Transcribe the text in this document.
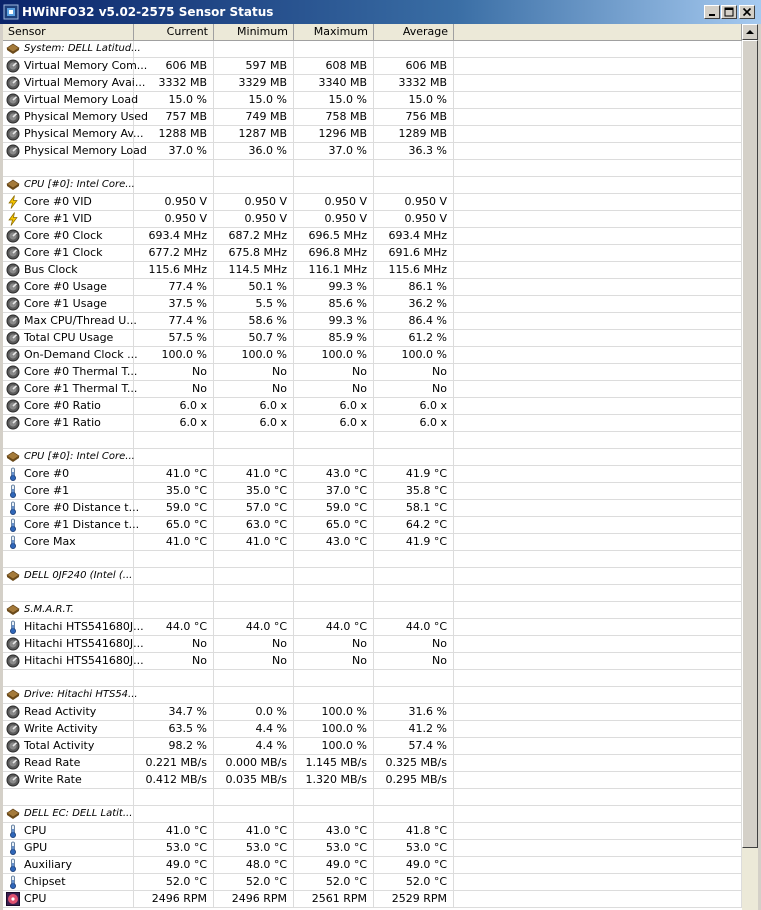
HWiNFO32 v5.02-2575 Sensor Status
Sensor	Current	Minimum	Maximum	Average
System: DELL Latitud...
Virtual Memory Com...	606 MB	597 MB	608 MB	606 MB
Virtual Memory Avai...	3332 MB	3329 MB	3340 MB	3332 MB
Virtual Memory Load	15.0 %	15.0 %	15.0 %	15.0 %
Physical Memory Used	757 MB	749 MB	758 MB	756 MB
Physical Memory Av...	1288 MB	1287 MB	1296 MB	1289 MB
Physical Memory Load	37.0 %	36.0 %	37.0 %	36.3 %
CPU [#0]: Intel Core...
Core #0 VID	0.950 V	0.950 V	0.950 V	0.950 V
Core #1 VID	0.950 V	0.950 V	0.950 V	0.950 V
Core #0 Clock	693.4 MHz	687.2 MHz	696.5 MHz	693.4 MHz
Core #1 Clock	677.2 MHz	675.8 MHz	696.8 MHz	691.6 MHz
Bus Clock	115.6 MHz	114.5 MHz	116.1 MHz	115.6 MHz
Core #0 Usage	77.4 %	50.1 %	99.3 %	86.1 %
Core #1 Usage	37.5 %	5.5 %	85.6 %	36.2 %
Max CPU/Thread U...	77.4 %	58.6 %	99.3 %	86.4 %
Total CPU Usage	57.5 %	50.7 %	85.9 %	61.2 %
On-Demand Clock ...	100.0 %	100.0 %	100.0 %	100.0 %
Core #0 Thermal T...	No	No	No	No
Core #1 Thermal T...	No	No	No	No
Core #0 Ratio	6.0 x	6.0 x	6.0 x	6.0 x
Core #1 Ratio	6.0 x	6.0 x	6.0 x	6.0 x
CPU [#0]: Intel Core...
Core #0	41.0 °C	41.0 °C	43.0 °C	41.9 °C
Core #1	35.0 °C	35.0 °C	37.0 °C	35.8 °C
Core #0 Distance t...	59.0 °C	57.0 °C	59.0 °C	58.1 °C
Core #1 Distance t...	65.0 °C	63.0 °C	65.0 °C	64.2 °C
Core Max	41.0 °C	41.0 °C	43.0 °C	41.9 °C
DELL 0JF240 (Intel (...
S.M.A.R.T.
Hitachi HTS541680J...	44.0 °C	44.0 °C	44.0 °C	44.0 °C
Hitachi HTS541680J...	No	No	No	No
Hitachi HTS541680J...	No	No	No	No
Drive: Hitachi HTS54...
Read Activity	34.7 %	0.0 %	100.0 %	31.6 %
Write Activity	63.5 %	4.4 %	100.0 %	41.2 %
Total Activity	98.2 %	4.4 %	100.0 %	57.4 %
Read Rate	0.221 MB/s	0.000 MB/s	1.145 MB/s	0.325 MB/s
Write Rate	0.412 MB/s	0.035 MB/s	1.320 MB/s	0.295 MB/s
DELL EC: DELL Latit...
CPU	41.0 °C	41.0 °C	43.0 °C	41.8 °C
GPU	53.0 °C	53.0 °C	53.0 °C	53.0 °C
Auxiliary	49.0 °C	48.0 °C	49.0 °C	49.0 °C
Chipset	52.0 °C	52.0 °C	52.0 °C	52.0 °C
CPU	2496 RPM	2496 RPM	2561 RPM	2529 RPM
